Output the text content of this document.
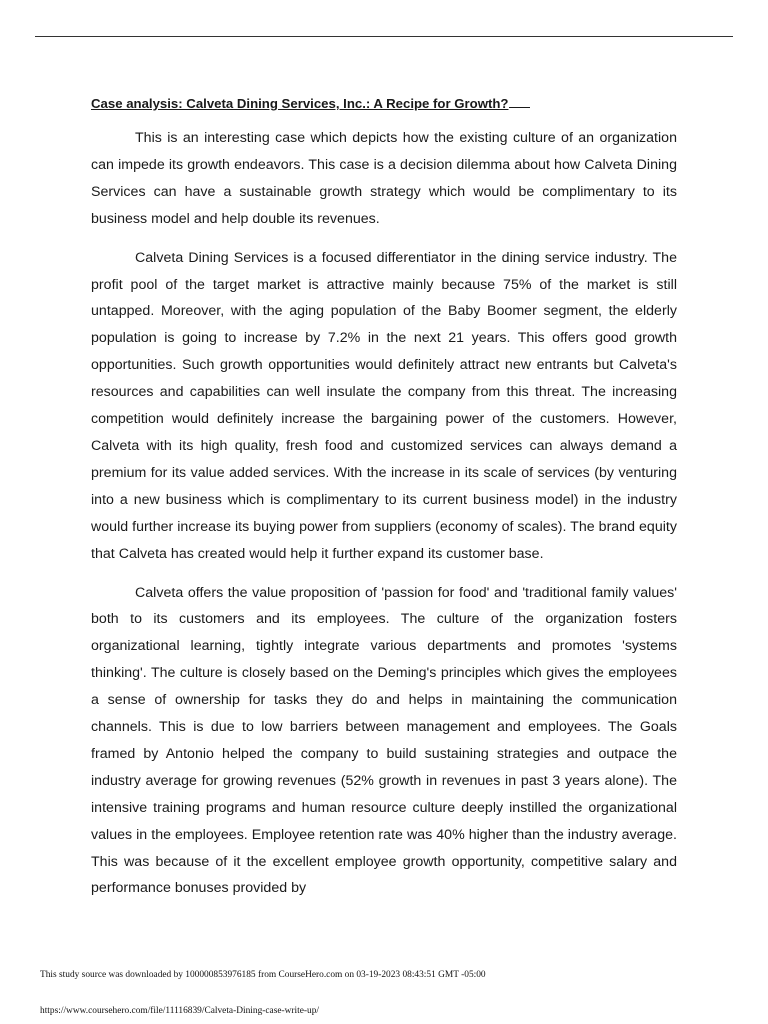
Case analysis: Calveta Dining Services, Inc.: A Recipe for Growth?

This is an interesting case which depicts how the existing culture of an organization can impede its growth endeavors. This case is a decision dilemma about how Calveta Dining Services can have a sustainable growth strategy which would be complimentary to its business model and help double its revenues.

Calveta Dining Services is a focused differentiator in the dining service industry. The profit pool of the target market is attractive mainly because 75% of the market is still untapped. Moreover, with the aging population of the Baby Boomer segment, the elderly population is going to increase by 7.2% in the next 21 years. This offers good growth opportunities. Such growth opportunities would definitely attract new entrants but Calveta's resources and capabilities can well insulate the company from this threat. The increasing competition would definitely increase the bargaining power of the customers. However, Calveta with its high quality, fresh food and customized services can always demand a premium for its value added services. With the increase in its scale of services (by venturing into a new business which is complimentary to its current business model) in the industry would further increase its buying power from suppliers (economy of scales). The brand equity that Calveta has created would help it further expand its customer base.

Calveta offers the value proposition of 'passion for food' and 'traditional family values' both to its customers and its employees. The culture of the organization fosters organizational learning, tightly integrate various departments and promotes 'systems thinking'. The culture is closely based on the Deming's principles which gives the employees a sense of ownership for tasks they do and helps in maintaining the communication channels. This is due to low barriers between management and employees. The Goals framed by Antonio helped the company to build sustaining strategies and outpace the industry average for growing revenues (52% growth in revenues in past 3 years alone). The intensive training programs and human resource culture deeply instilled the organizational values in the employees. Employee retention rate was 40% higher than the industry average. This was because of it the excellent employee growth opportunity, competitive salary and performance bonuses provided by

This study source was downloaded by 100000853976185 from CourseHero.com on 03-19-2023 08:43:51 GMT -05:00

https://www.coursehero.com/file/11116839/Calveta-Dining-case-write-up/
